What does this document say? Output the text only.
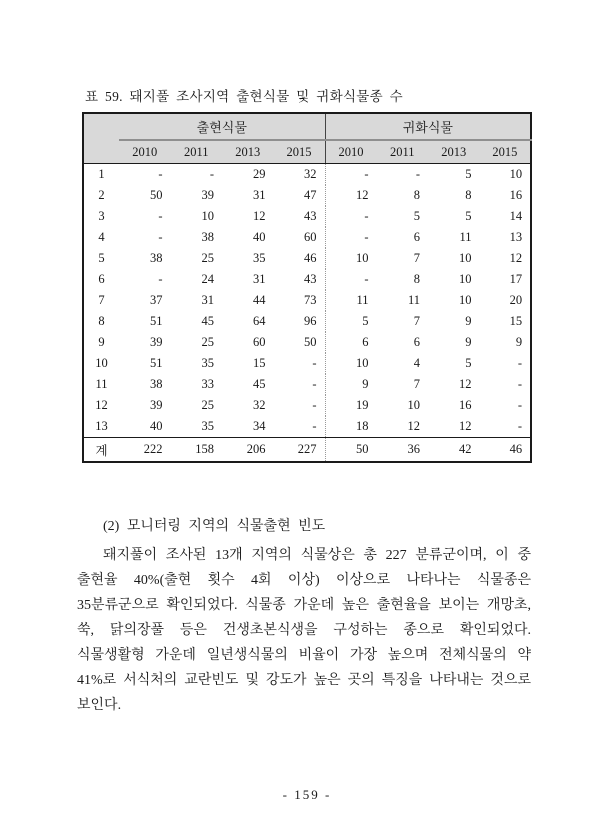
표 59. 돼지풀 조사지역 출현식물 및 귀화식물종 수
	출현식물				귀화식물			
	2010	2011	2013	2015	2010	2011	2013	2015
1	-	-	29	32	-	-	5	10
2	50	39	31	47	12	8	8	16
3	-	10	12	43	-	5	5	14
4	-	38	40	60	-	6	11	13
5	38	25	35	46	10	7	10	12
6	-	24	31	43	-	8	10	17
7	37	31	44	73	11	11	10	20
8	51	45	64	96	5	7	9	15
9	39	25	60	50	6	6	9	9
10	51	35	15	-	10	4	5	-
11	38	33	45	-	9	7	12	-
12	39	25	32	-	19	10	16	-
13	40	35	34	-	18	12	12	-
계	222	158	206	227	50	36	42	46
(2) 모니터링 지역의 식물출현 빈도

돼지풀이 조사된 13개 지역의 식물상은 총 227 분류군이며, 이 중 출현율 40%(출현 횟수 4회 이상) 이상으로 나타나는 식물종은 35분류군으로 확인되었다. 식물종 가운데 높은 출현율을 보이는 개망초, 쑥, 닭의장풀 등은 건생초본식생을 구성하는 종으로 확인되었다. 식물생활형 가운데 일년생식물의 비율이 가장 높으며 전체식물의 약 41%로 서식처의 교란빈도 및 강도가 높은 곳의 특징을 나타내는 것으로 보인다.

- 159 -
